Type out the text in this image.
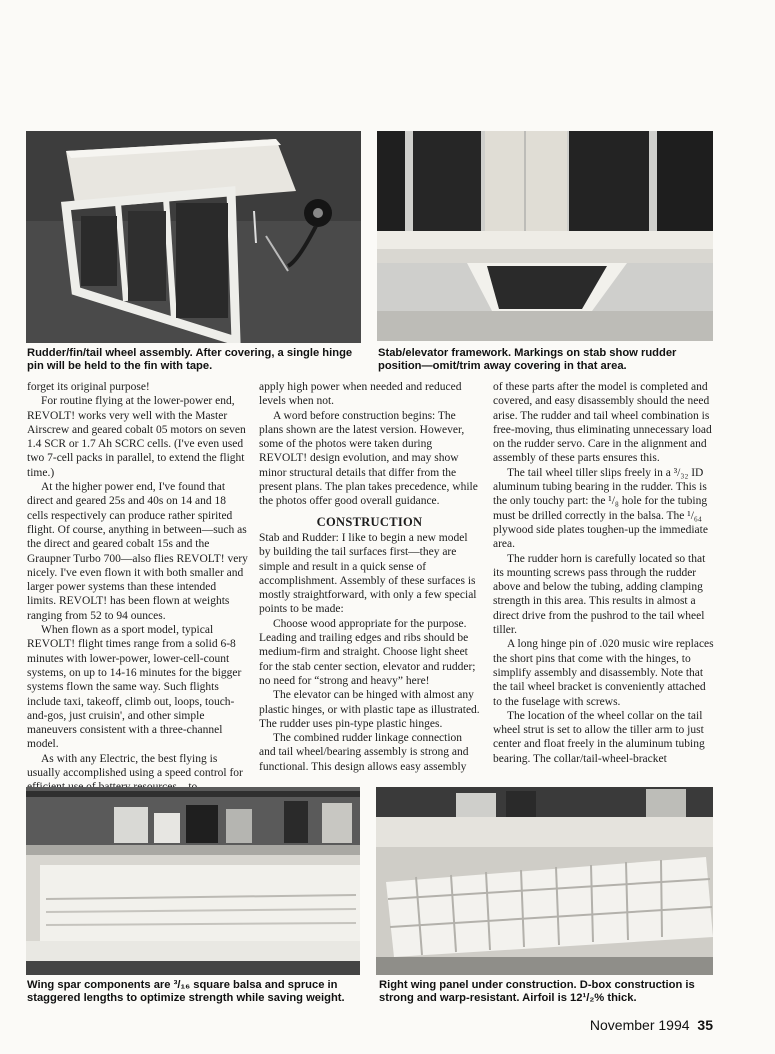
Rudder/fin/tail wheel assembly. After covering, a single hinge pin will be held to the fin with tape.
Stab/elevator framework. Markings on stab show rudder position—omit/trim away covering in that area.

forget its original purpose!

For routine flying at the lower-power end, REVOLT! works very well with the Master Airscrew and geared cobalt 05 motors on seven 1.4 SCR or 1.7 Ah SCRC cells. (I've even used two 7-cell packs in parallel, to extend the flight time.)

At the higher power end, I've found that direct and geared 25s and 40s on 14 and 18 cells respectively can produce rather spirited flight. Of course, anything in between—such as the direct and geared cobalt 15s and the Graupner Turbo 700—also flies REVOLT! very nicely. I've even flown it with both smaller and larger power systems than these intended limits. REVOLT! has been flown at weights ranging from 52 to 94 ounces.

When flown as a sport model, typical REVOLT! flight times range from a solid 6-8 minutes with lower-power, lower-cell-count systems, on up to 14-16 minutes for the bigger systems flown the same way. Such flights include taxi, takeoff, climb out, loops, touch-and-gos, just cruisin', and other simple maneuvers consistent with a three-channel model.

As with any Electric, the best flying is usually accomplished using a speed control for

apply high power when needed and reduced levels when not.

A word before construction begins: The plans shown are the latest version. However, some of the photos were taken during REVOLT! design evolution, and may show minor structural details that differ from the present plans. The plan takes precedence, while the photos offer good overall guidance.

CONSTRUCTION

Stab and Rudder: I like to begin a new model by building the tail surfaces first—they are simple and result in a quick sense of accomplishment. Assembly of these surfaces is mostly straightforward, with only a few special points to be made:

Choose wood appropriate for the purpose. Leading and trailing edges and ribs should be medium-firm and straight. Choose light sheet for the stab center section, elevator and rudder; no need for “strong and heavy” here!

The elevator can be hinged with almost any plastic hinges, or with plastic tape as illustrated. The rudder uses pin-type plastic hinges.

The combined rudder linkage connection and tail wheel/bearing assembly is strong and functional. This design allows easy assembly

of these parts after the model is completed and covered, and easy disassembly should the need arise. The rudder and tail wheel combination is free-moving, thus eliminating unnecessary load on the rudder servo. Care in the alignment and assembly of these parts ensures this.

The tail wheel tiller slips freely in a ³/₃₂ ID aluminum tubing bearing in the rudder. This is the only touchy part: the ¹/₈ hole for the tubing must be drilled correctly in the balsa. The ¹/₆₄ plywood side plates toughen-up the immediate area.

The rudder horn is carefully located so that its mounting screws pass through the rudder above and below the tubing, adding clamping strength in this area. This results in almost a direct drive from the pushrod to the tail wheel tiller.

A long hinge pin of .020 music wire replaces the short pins that come with the hinges, to simplify assembly and disassembly. Note that the tail wheel bracket is conveniently attached to the fuselage with screws.

The location of the wheel collar on the tail wheel strut is set to allow the tiller arm to just center and float freely in the aluminum tubing bearing. The collar/tail-wheel-bracket

Wing spar components are ³/₁₆ square balsa and spruce in staggered lengths to optimize strength while saving weight.
Right wing panel under construction. D-box construction is strong and warp-resistant. Airfoil is 12¹/₂% thick.
November 1994 35
